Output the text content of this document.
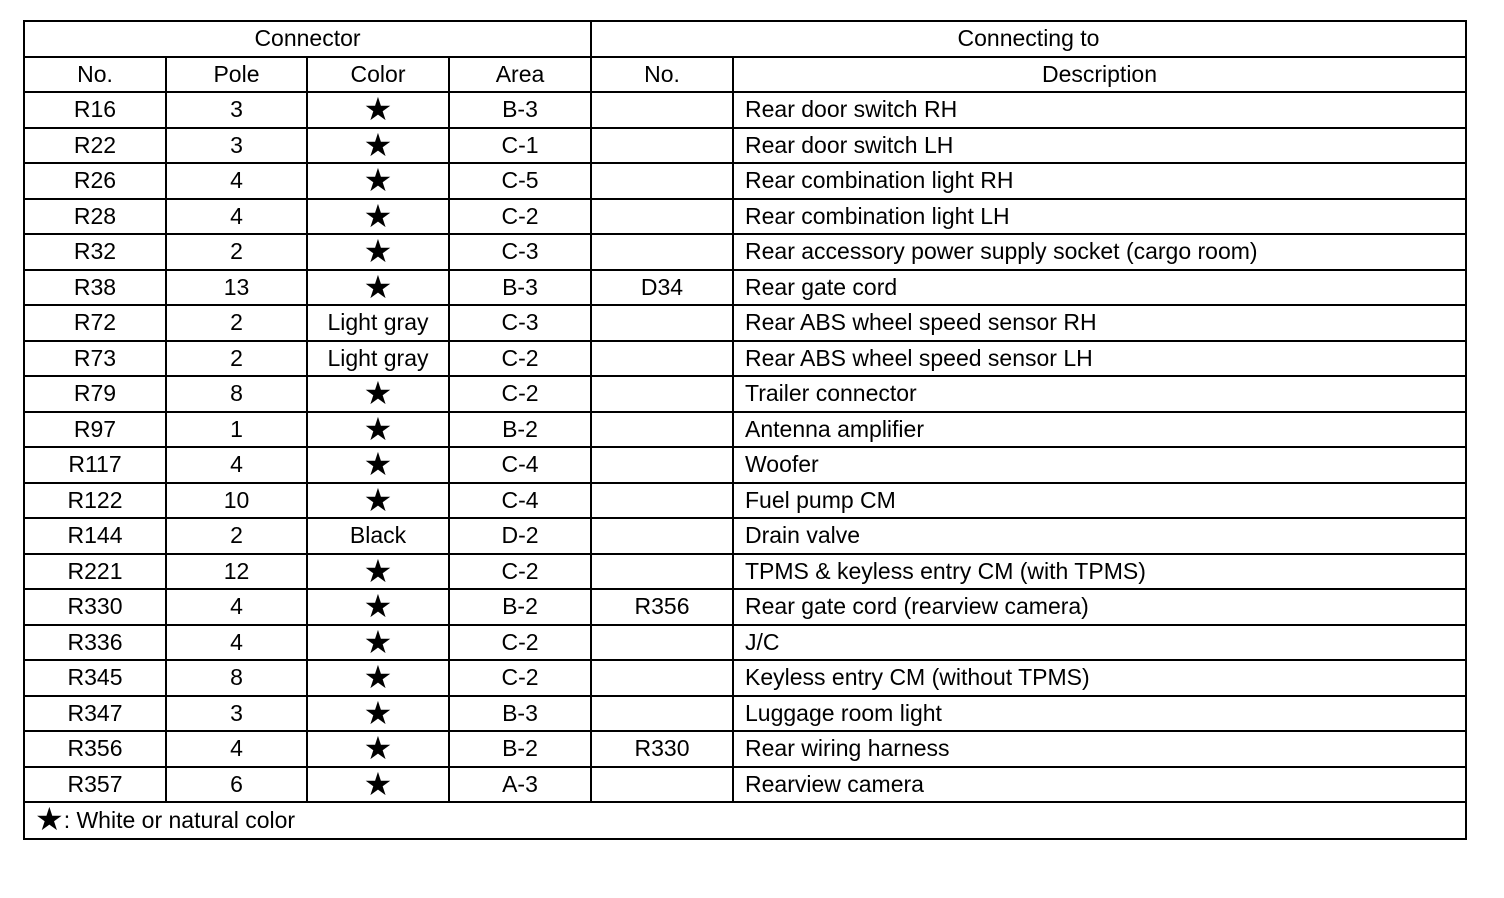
Connector				Connecting to	
No.	Pole	Color	Area	No.	Description
R16	3	★	B-3		Rear door switch RH
R22	3	★	C-1		Rear door switch LH
R26	4	★	C-5		Rear combination light RH
R28	4	★	C-2		Rear combination light LH
R32	2	★	C-3		Rear accessory power supply socket (cargo room)
R38	13	★	B-3	D34	Rear gate cord
R72	2	Light gray	C-3		Rear ABS wheel speed sensor RH
R73	2	Light gray	C-2		Rear ABS wheel speed sensor LH
R79	8	★	C-2		Trailer connector
R97	1	★	B-2		Antenna amplifier
R117	4	★	C-4		Woofer
R122	10	★	C-4		Fuel pump CM
R144	2	Black	D-2		Drain valve
R221	12	★	C-2		TPMS & keyless entry CM (with TPMS)
R330	4	★	B-2	R356	Rear gate cord (rearview camera)
R336	4	★	C-2		J/C
R345	8	★	C-2		Keyless entry CM (without TPMS)
R347	3	★	B-3		Luggage room light
R356	4	★	B-2	R330	Rear wiring harness
R357	6	★	A-3		Rearview camera
★: White or natural color					
